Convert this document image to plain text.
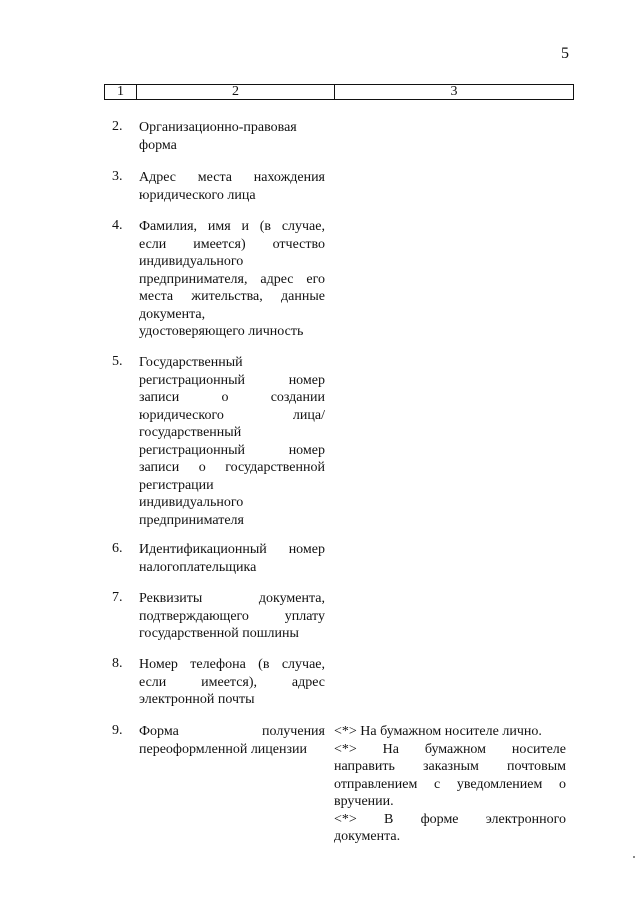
5
1	2	3
2. Организационно-правовая
форма
3. Адрес места нахождения
юридического лица
4. Фамилия, имя и (в случае,
если имеется) отчество
индивидуального
предпринимателя, адрес его
места жительства, данные
документа,
удостоверяющего личность
5. Государственный
регистрационный номер
записи о создании
юридического лица/
государственный
регистрационный номер
записи о государственной
регистрации
индивидуального
предпринимателя
6. Идентификационный номер
налогоплательщика
7. Реквизиты документа,
подтверждающего уплату
государственной пошлины
8. Номер телефона (в случае,
если имеется), адрес
электронной почты
9. Форма получения
переоформленной лицензии
<*> На бумажном носителе лично.
<*> На бумажном носителе
направить заказным почтовым
отправлением с уведомлением о
вручении.
<*> В форме электронного
документа.
